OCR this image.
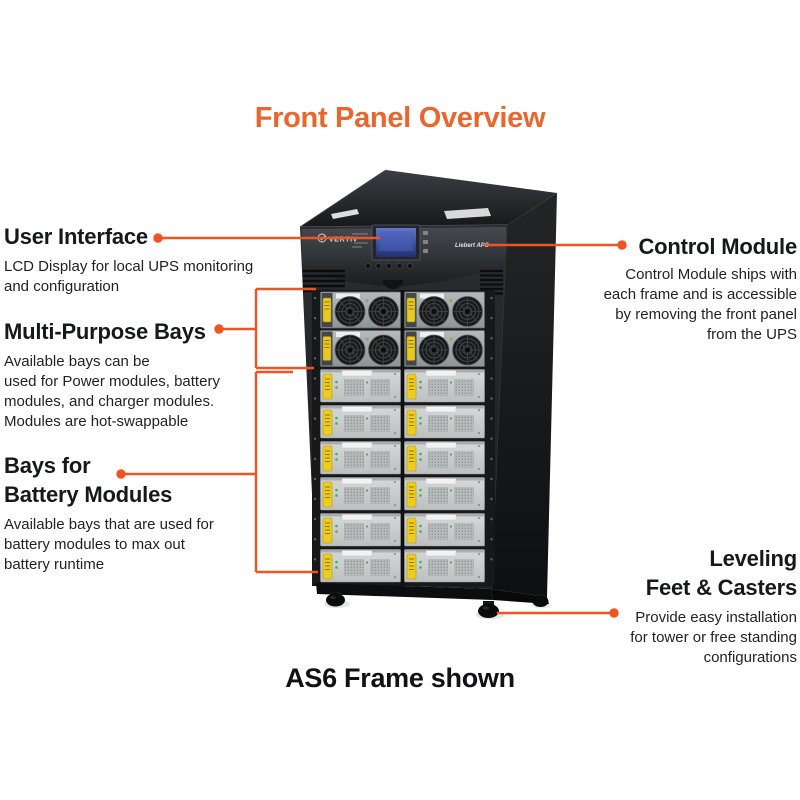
Front Panel Overview
User Interface
LCD Display for local UPS monitoring
and configuration
Multi-Purpose Bays
Available bays can be
used for Power modules, battery
modules, and charger modules.
Modules are hot-swappable
Bays for
Battery Modules
Available bays that are used for
battery modules to max out
battery runtime
Control Module
Control Module ships with
each frame and is accessible
by removing the front panel
from the UPS
Leveling
Feet & Casters
Provide easy installation
for tower or free standing
configurations
VERTIV
Liebert APS
AS6 Frame shown
